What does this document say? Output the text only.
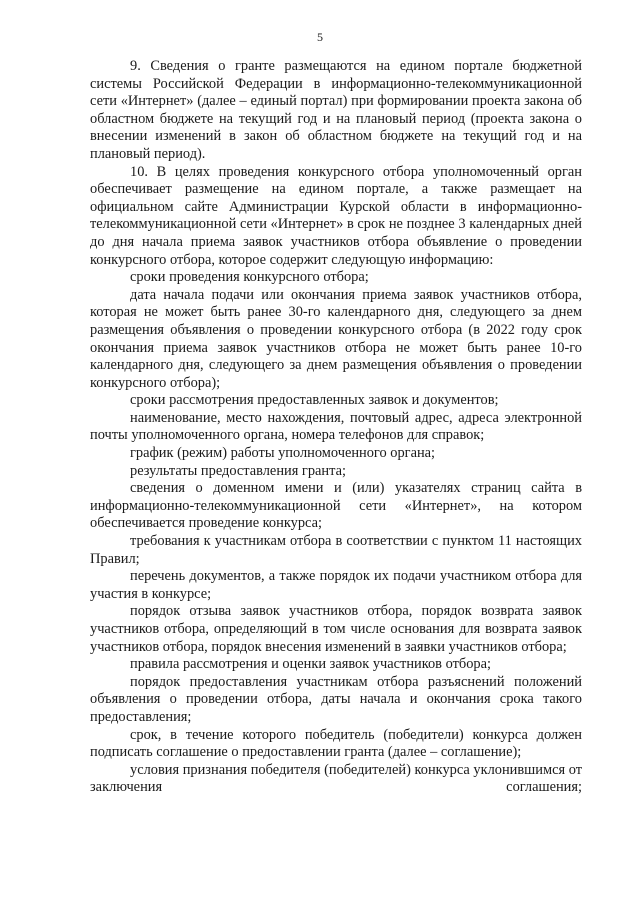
5

9. Сведения о гранте размещаются на едином портале бюджетной системы Российской Федерации в информационно-телекоммуникационной сети «Интернет» (далее – единый портал) при формировании проекта закона об областном бюджете на текущий год и на плановый период (проекта закона о внесении изменений в закон об областном бюджете на текущий год и на плановый период).

10. В целях проведения конкурсного отбора уполномоченный орган обеспечивает размещение на едином портале, а также размещает на официальном сайте Администрации Курской области в информационно-телекоммуникационной сети «Интернет» в срок не позднее 3 календарных дней до дня начала приема заявок участников отбора объявление о проведении конкурсного отбора, которое содержит следующую информацию:

сроки проведения конкурсного отбора;

дата начала подачи или окончания приема заявок участников отбора, которая не может быть ранее 30-го календарного дня, следующего за днем размещения объявления о проведении конкурсного отбора (в 2022 году срок окончания приема заявок участников отбора не может быть ранее 10-го календарного дня, следующего за днем размещения объявления о проведении конкурсного отбора);

сроки рассмотрения предоставленных заявок и документов;

наименование, место нахождения, почтовый адрес, адреса электронной почты уполномоченного органа, номера телефонов для справок;

график (режим) работы уполномоченного органа;

результаты предоставления гранта;

сведения о доменном имени и (или) указателях страниц сайта в информационно-телекоммуникационной сети «Интернет», на котором обеспечивается проведение конкурса;

требования к участникам отбора в соответствии с пунктом 11 настоящих Правил;

перечень документов, а также порядок их подачи участником отбора для участия в конкурсе;

порядок отзыва заявок участников отбора, порядок возврата заявок участников отбора, определяющий в том числе основания для возврата заявок участников отбора, порядок внесения изменений в заявки участников отбора;

правила рассмотрения и оценки заявок участников отбора;

порядок предоставления участникам отбора разъяснений положений объявления о проведении отбора, даты начала и окончания срока такого предоставления;

срок, в течение которого победитель (победители) конкурса должен подписать соглашение о предоставлении гранта (далее – соглашение);

условия признания победителя (победителей) конкурса уклонившимся от заключения соглашения;
